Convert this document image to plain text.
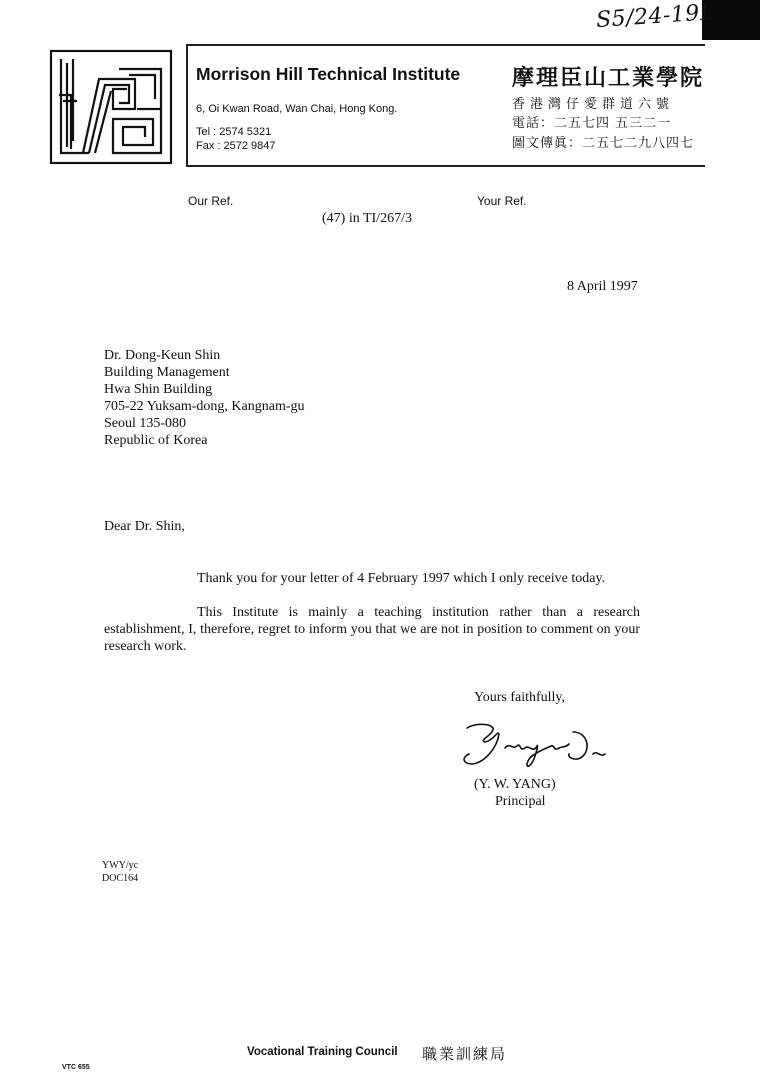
S5/24-19L
Morrison Hill Technical Institute
6, Oi Kwan Road, Wan Chai, Hong Kong.
Tel : 2574 5321
Fax : 2572 9847
摩理臣山工業學院
香港灣仔愛群道六號
電話：二五七四 五三二一
圖文傳眞：二五七二九八四七
Our Ref.	Your Ref.
(47) in TI/267/3
8 April 1997
Dr. Dong-Keun Shin
Building Management
Hwa Shin Building
705-22 Yuksam-dong, Kangnam-gu
Seoul 135-080
Republic of Korea
Dear Dr. Shin,
Thank you for your letter of 4 February 1997 which I only receive today.
This Institute is mainly a teaching institution rather than a research establishment, I, therefore, regret to inform you that we are not in position to comment on your research work.
Yours faithfully,
(Y. W. YANG)
Principal
YWY/yc
DOC164
Vocational Training Council 職業訓練局
VTC 655
